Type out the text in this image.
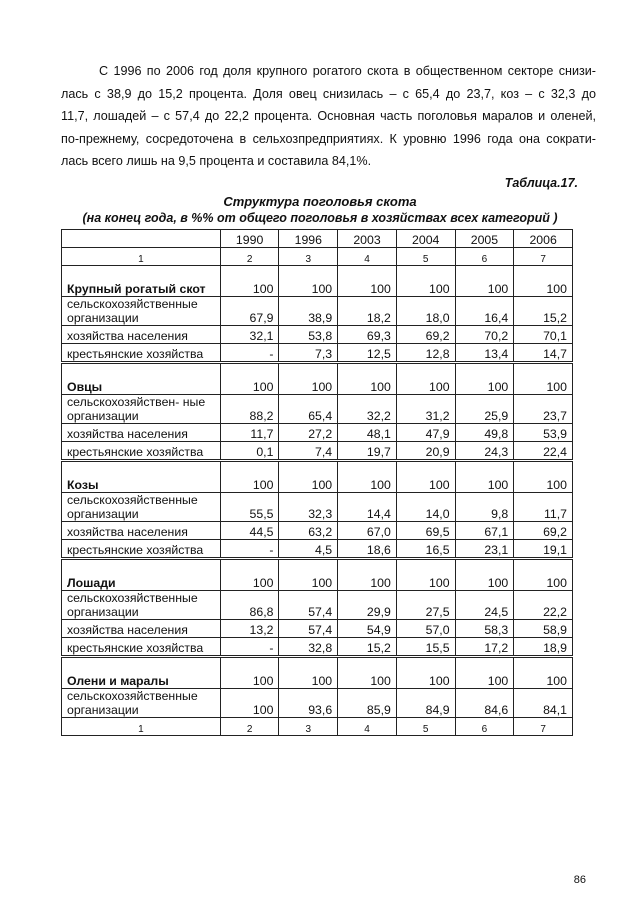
С 1996 по 2006 год доля крупного рогатого скота в общественном секторе снизи-
лась с 38,9 до 15,2 процента. Доля овец снизилась – с 65,4 до 23,7, коз – с 32,3 до
11,7, лошадей – с 57,4 до 22,2 процента. Основная часть поголовья маралов и оленей,
по-прежнему, сосредоточена в сельхозпредприятиях. К уровню 1996 года она сократи-
лась всего лишь на 9,5 процента и составила 84,1%.
Таблица.17.
Структура поголовья скота
(на конец года, в %% от общего поголовья в хозяйствах всех категорий )
	1990	1996	2003	2004	2005	2006
1	2	3	4	5	6	7
Крупный рогатый скот	100	100	100	100	100	100
сельскохозяйственные организации	67,9	38,9	18,2	18,0	16,4	15,2
хозяйства населения	32,1	53,8	69,3	69,2	70,2	70,1
крестьянские хозяйства	-	7,3	12,5	12,8	13,4	14,7
Овцы	100	100	100	100	100	100
сельскохозяйствен- ные организации	88,2	65,4	32,2	31,2	25,9	23,7
хозяйства населения	11,7	27,2	48,1	47,9	49,8	53,9
крестьянские хозяйства	0,1	7,4	19,7	20,9	24,3	22,4
Козы	100	100	100	100	100	100
сельскохозяйственные организации	55,5	32,3	14,4	14,0	9,8	11,7
хозяйства населения	44,5	63,2	67,0	69,5	67,1	69,2
крестьянские хозяйства	-	4,5	18,6	16,5	23,1	19,1
Лошади	100	100	100	100	100	100
сельскохозяйственные организации	86,8	57,4	29,9	27,5	24,5	22,2
хозяйства населения	13,2	57,4	54,9	57,0	58,3	58,9
крестьянские хозяйства	-	32,8	15,2	15,5	17,2	18,9
Олени и маралы	100	100	100	100	100	100
сельскохозяйственные организации	100	93,6	85,9	84,9	84,6	84,1
1	2	3	4	5	6	7
86
